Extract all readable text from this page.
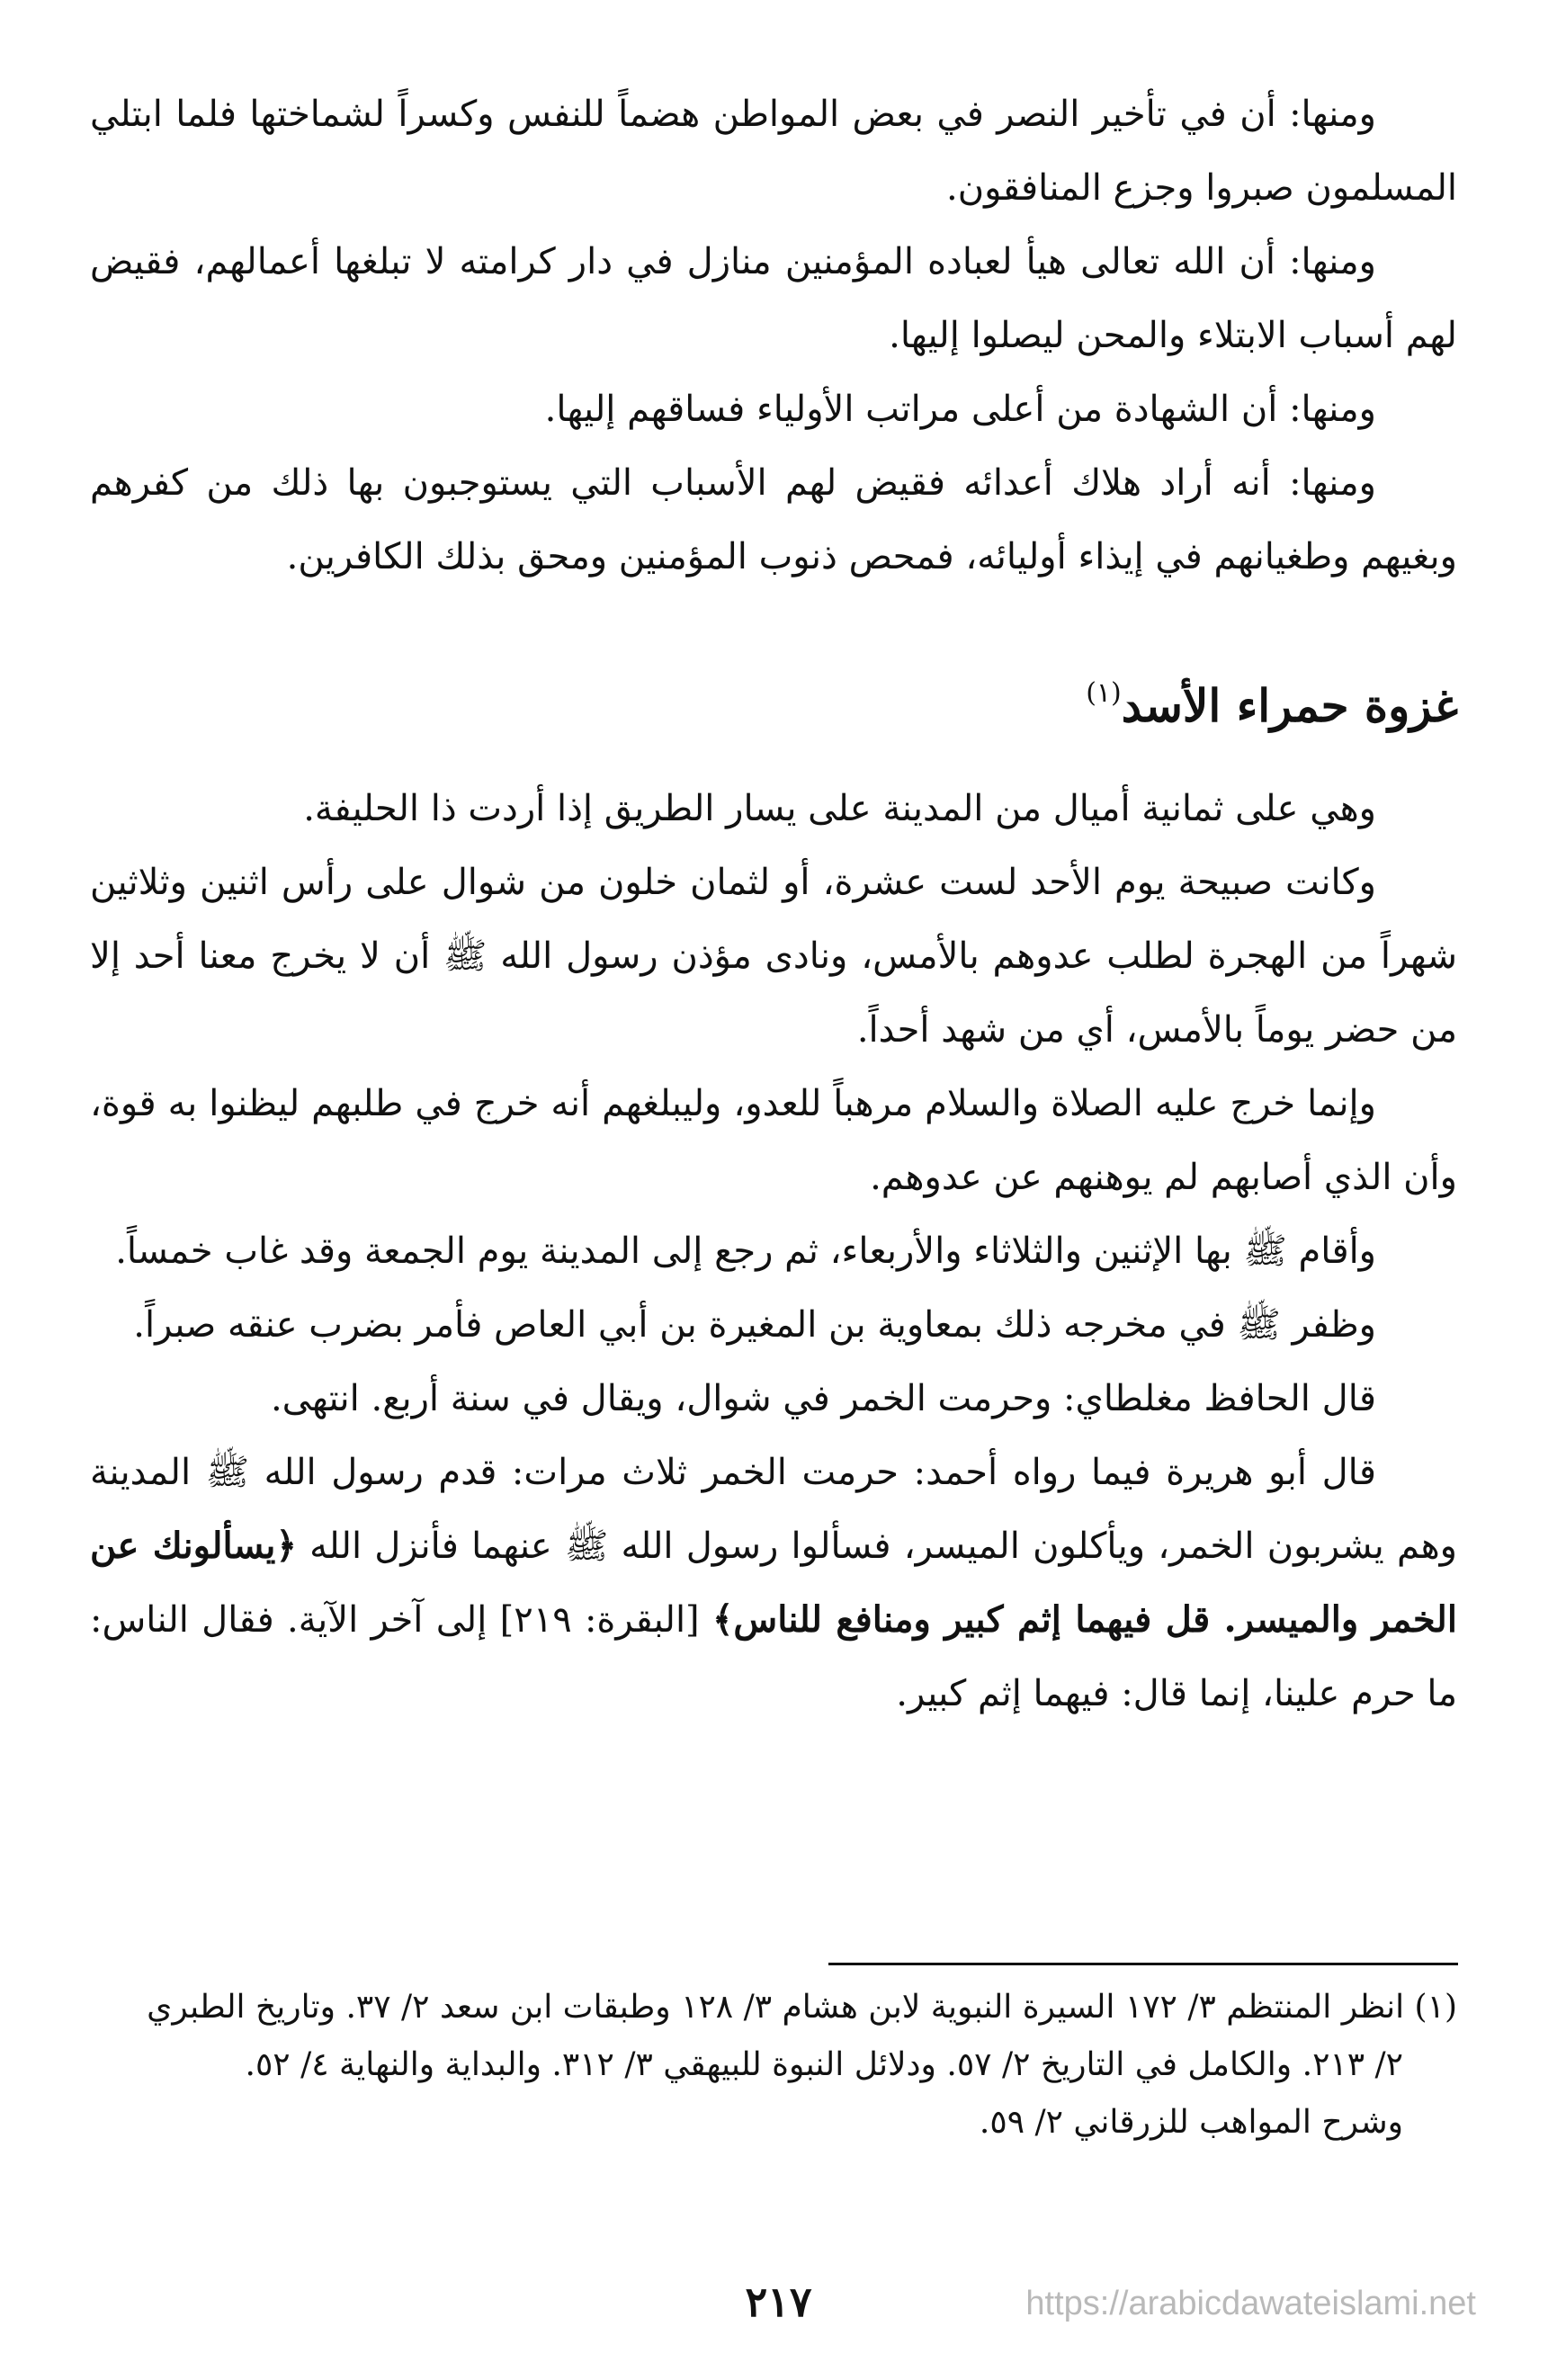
ومنها: أن في تأخير النصر في بعض المواطن هضماً للنفس وكسراً لشماختها فلما ابتلي المسلمون صبروا وجزع المنافقون.

ومنها: أن الله تعالى هيأ لعباده المؤمنين منازل في دار كرامته لا تبلغها أعمالهم، فقيض لهم أسباب الابتلاء والمحن ليصلوا إليها.

ومنها: أن الشهادة من أعلى مراتب الأولياء فساقهم إليها.

ومنها: أنه أراد هلاك أعدائه فقيض لهم الأسباب التي يستوجبون بها ذلك من كفرهم وبغيهم وطغيانهم في إيذاء أوليائه، فمحص ذنوب المؤمنين ومحق بذلك الكافرين.

غزوة حمراء الأسد$^{(١)}$

وهي على ثمانية أميال من المدينة على يسار الطريق إذا أردت ذا الحليفة.

وكانت صبيحة يوم الأحد لست عشرة، أو لثمان خلون من شوال على رأس اثنين وثلاثين شهراً من الهجرة لطلب عدوهم بالأمس، ونادى مؤذن رسول الله ﷺ أن لا يخرج معنا أحد إلا من حضر يوماً بالأمس، أي من شهد أحداً.

وإنما خرج عليه الصلاة والسلام مرهباً للعدو، وليبلغهم أنه خرج في طلبهم ليظنوا به قوة، وأن الذي أصابهم لم يوهنهم عن عدوهم.

وأقام ﷺ بها الإثنين والثلاثاء والأربعاء، ثم رجع إلى المدينة يوم الجمعة وقد غاب خمساً.

وظفر ﷺ في مخرجه ذلك بمعاوية بن المغيرة بن أبي العاص فأمر بضرب عنقه صبراً.

قال الحافظ مغلطاي: وحرمت الخمر في شوال، ويقال في سنة أربع. انتهى.

قال أبو هريرة فيما رواه أحمد: حرمت الخمر ثلاث مرات: قدم رسول الله ﷺ المدينة وهم يشربون الخمر، ويأكلون الميسر، فسألوا رسول الله ﷺ عنهما فأنزل الله ﴿يسألونك عن الخمر والميسر. قل فيهما إثم كبير ومنافع للناس﴾ [البقرة: ٢١٩] إلى آخر الآية. فقال الناس: ما حرم علينا، إنما قال: فيهما إثم كبير.

(١) انظر المنتظم ٣/ ١٧٢ السيرة النبوية لابن هشام ٣/ ١٢٨ وطبقات ابن سعد ٢/ ٣٧. وتاريخ الطبري

٢/ ٢١٣. والكامل في التاريخ ٢/ ٥٧. ودلائل النبوة للبيهقي ٣/ ٣١٢. والبداية والنهاية ٤/ ٥٢.

وشرح المواهب للزرقاني ٢/ ٥٩.

٢١٧	https://arabicdawateislami.net
